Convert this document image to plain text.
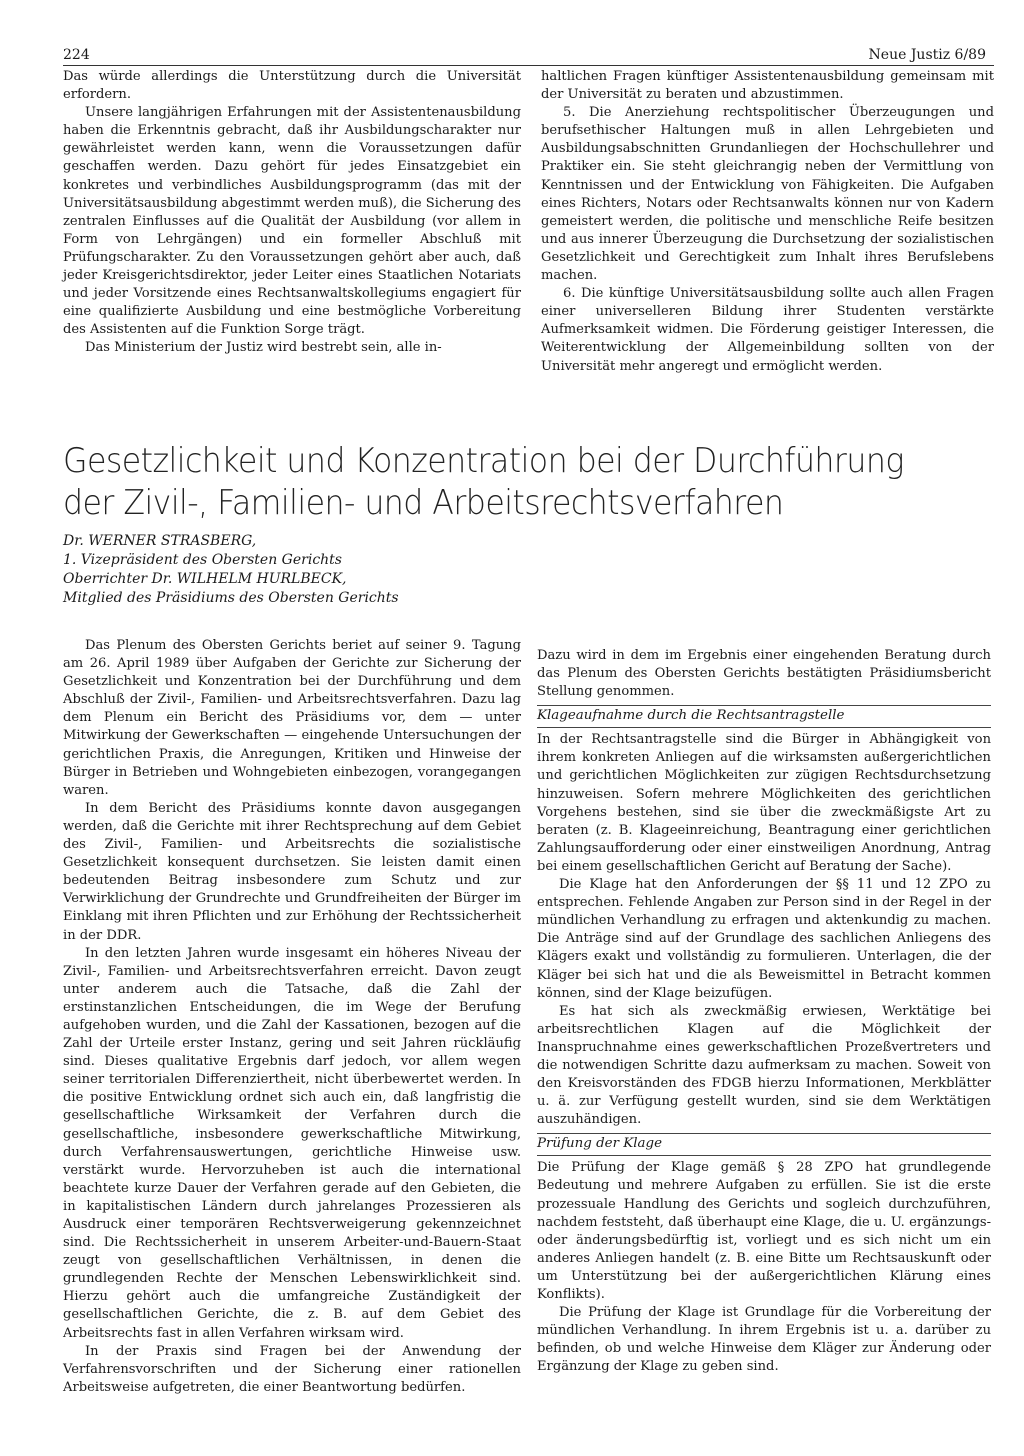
224	Neue Justiz 6/89

Das würde allerdings die Unterstützung durch die Universität erfordern.

Unsere langjährigen Erfahrungen mit der Assistentenausbildung haben die Erkenntnis gebracht, daß ihr Ausbildungscharakter nur gewährleistet werden kann, wenn die Voraussetzungen dafür geschaffen werden. Dazu gehört für jedes Einsatzgebiet ein konkretes und verbindliches Ausbildungsprogramm (das mit der Universitätsausbildung abgestimmt werden muß), die Sicherung des zentralen Einflusses auf die Qualität der Ausbildung (vor allem in Form von Lehrgängen) und ein formeller Abschluß mit Prüfungscharakter. Zu den Voraussetzungen gehört aber auch, daß jeder Kreisgerichtsdirektor, jeder Leiter eines Staatlichen Notariats und jeder Vorsitzende eines Rechtsanwaltskollegiums engagiert für eine qualifizierte Ausbildung und eine bestmögliche Vorbereitung des Assistenten auf die Funktion Sorge trägt.

Das Ministerium der Justiz wird bestrebt sein, alle in-

haltlichen Fragen künftiger Assistentenausbildung gemeinsam mit der Universität zu beraten und abzustimmen.

5. Die Anerziehung rechtspolitischer Überzeugungen und berufsethischer Haltungen muß in allen Lehrgebieten und Ausbildungsabschnitten Grundanliegen der Hochschullehrer und Praktiker ein. Sie steht gleichrangig neben der Vermittlung von Kenntnissen und der Entwicklung von Fähigkeiten. Die Aufgaben eines Richters, Notars oder Rechtsanwalts können nur von Kadern gemeistert werden, die politische und menschliche Reife besitzen und aus innerer Überzeugung die Durchsetzung der sozialistischen Gesetzlichkeit und Gerechtigkeit zum Inhalt ihres Berufslebens machen.

6. Die künftige Universitätsausbildung sollte auch allen Fragen einer universelleren Bildung ihrer Studenten verstärkte Aufmerksamkeit widmen. Die Förderung geistiger Interessen, die Weiterentwicklung der Allgemeinbildung sollten von der Universität mehr angeregt und ermöglicht werden.

Gesetzlichkeit und Konzentration bei der Durchführung
der Zivil-, Familien- und Arbeitsrechtsverfahren
Dr. WERNER STRASBERG,
1. Vizepräsident des Obersten Gerichts
Oberrichter Dr. WILHELM HURLBECK,
Mitglied des Präsidiums des Obersten Gerichts

Das Plenum des Obersten Gerichts beriet auf seiner 9. Tagung am 26. April 1989 über Aufgaben der Gerichte zur Sicherung der Gesetzlichkeit und Konzentration bei der Durchführung und dem Abschluß der Zivil-, Familien- und Arbeitsrechtsverfahren. Dazu lag dem Plenum ein Bericht des Präsidiums vor, dem — unter Mitwirkung der Gewerkschaften — eingehende Untersuchungen der gerichtlichen Praxis, die Anregungen, Kritiken und Hinweise der Bürger in Betrieben und Wohngebieten einbezogen, vorangegangen waren.

In dem Bericht des Präsidiums konnte davon ausgegangen werden, daß die Gerichte mit ihrer Rechtsprechung auf dem Gebiet des Zivil-, Familien- und Arbeitsrechts die sozialistische Gesetzlichkeit konsequent durchsetzen. Sie leisten damit einen bedeutenden Beitrag insbesondere zum Schutz und zur Verwirklichung der Grundrechte und Grundfreiheiten der Bürger im Einklang mit ihren Pflichten und zur Erhöhung der Rechtssicherheit in der DDR.

In den letzten Jahren wurde insgesamt ein höheres Niveau der Zivil-, Familien- und Arbeitsrechtsverfahren erreicht. Davon zeugt unter anderem auch die Tatsache, daß die Zahl der erstinstanzlichen Entscheidungen, die im Wege der Berufung aufgehoben wurden, und die Zahl der Kassationen, bezogen auf die Zahl der Urteile erster Instanz, gering und seit Jahren rückläufig sind. Dieses qualitative Ergebnis darf jedoch, vor allem wegen seiner territorialen Differenziertheit, nicht überbewertet werden. In die positive Entwicklung ordnet sich auch ein, daß langfristig die gesellschaftliche Wirksamkeit der Verfahren durch die gesellschaftliche, insbesondere gewerkschaftliche Mitwirkung, durch Verfahrensauswertungen, gerichtliche Hinweise usw. verstärkt wurde. Hervorzuheben ist auch die international beachtete kurze Dauer der Verfahren gerade auf den Gebieten, die in kapitalistischen Ländern durch jahrelanges Prozessieren als Ausdruck einer temporären Rechtsverweigerung gekennzeichnet sind. Die Rechtssicherheit in unserem Arbeiter-und-Bauern-Staat zeugt von gesellschaftlichen Verhältnissen, in denen die grundlegenden Rechte der Menschen Lebenswirklichkeit sind. Hierzu gehört auch die umfangreiche Zuständigkeit der gesellschaftlichen Gerichte, die z. B. auf dem Gebiet des Arbeitsrechts fast in allen Verfahren wirksam wird.

In der Praxis sind Fragen bei der Anwendung der Verfahrensvorschriften und der Sicherung einer rationellen Arbeitsweise aufgetreten, die einer Beantwortung bedürfen.

Dazu wird in dem im Ergebnis einer eingehenden Beratung durch das Plenum des Obersten Gerichts bestätigten Präsidiumsbericht Stellung genommen.

Klageaufnahme durch die Rechtsantragstelle

In der Rechtsantragstelle sind die Bürger in Abhängigkeit von ihrem konkreten Anliegen auf die wirksamsten außergerichtlichen und gerichtlichen Möglichkeiten zur zügigen Rechtsdurchsetzung hinzuweisen. Sofern mehrere Möglichkeiten des gerichtlichen Vorgehens bestehen, sind sie über die zweckmäßigste Art zu beraten (z. B. Klageeinreichung, Beantragung einer gerichtlichen Zahlungsaufforderung oder einer einstweiligen Anordnung, Antrag bei einem gesellschaftlichen Gericht auf Beratung der Sache).

Die Klage hat den Anforderungen der §§ 11 und 12 ZPO zu entsprechen. Fehlende Angaben zur Person sind in der Regel in der mündlichen Verhandlung zu erfragen und aktenkundig zu machen. Die Anträge sind auf der Grundlage des sachlichen Anliegens des Klägers exakt und vollständig zu formulieren. Unterlagen, die der Kläger bei sich hat und die als Beweismittel in Betracht kommen können, sind der Klage beizufügen.

Es hat sich als zweckmäßig erwiesen, Werktätige bei arbeitsrechtlichen Klagen auf die Möglichkeit der Inanspruchnahme eines gewerkschaftlichen Prozeßvertreters und die notwendigen Schritte dazu aufmerksam zu machen. Soweit von den Kreisvorständen des FDGB hierzu Informationen, Merkblätter u. ä. zur Verfügung gestellt wurden, sind sie dem Werktätigen auszuhändigen.

Prüfung der Klage

Die Prüfung der Klage gemäß § 28 ZPO hat grundlegende Bedeutung und mehrere Aufgaben zu erfüllen. Sie ist die erste prozessuale Handlung des Gerichts und sogleich durchzuführen, nachdem feststeht, daß überhaupt eine Klage, die u. U. ergänzungs- oder änderungsbedürftig ist, vorliegt und es sich nicht um ein anderes Anliegen handelt (z. B. eine Bitte um Rechtsauskunft oder um Unterstützung bei der außergerichtlichen Klärung eines Konflikts).

Die Prüfung der Klage ist Grundlage für die Vorbereitung der mündlichen Verhandlung. In ihrem Ergebnis ist u. a. darüber zu befinden, ob und welche Hinweise dem Kläger zur Änderung oder Ergänzung der Klage zu geben sind.
